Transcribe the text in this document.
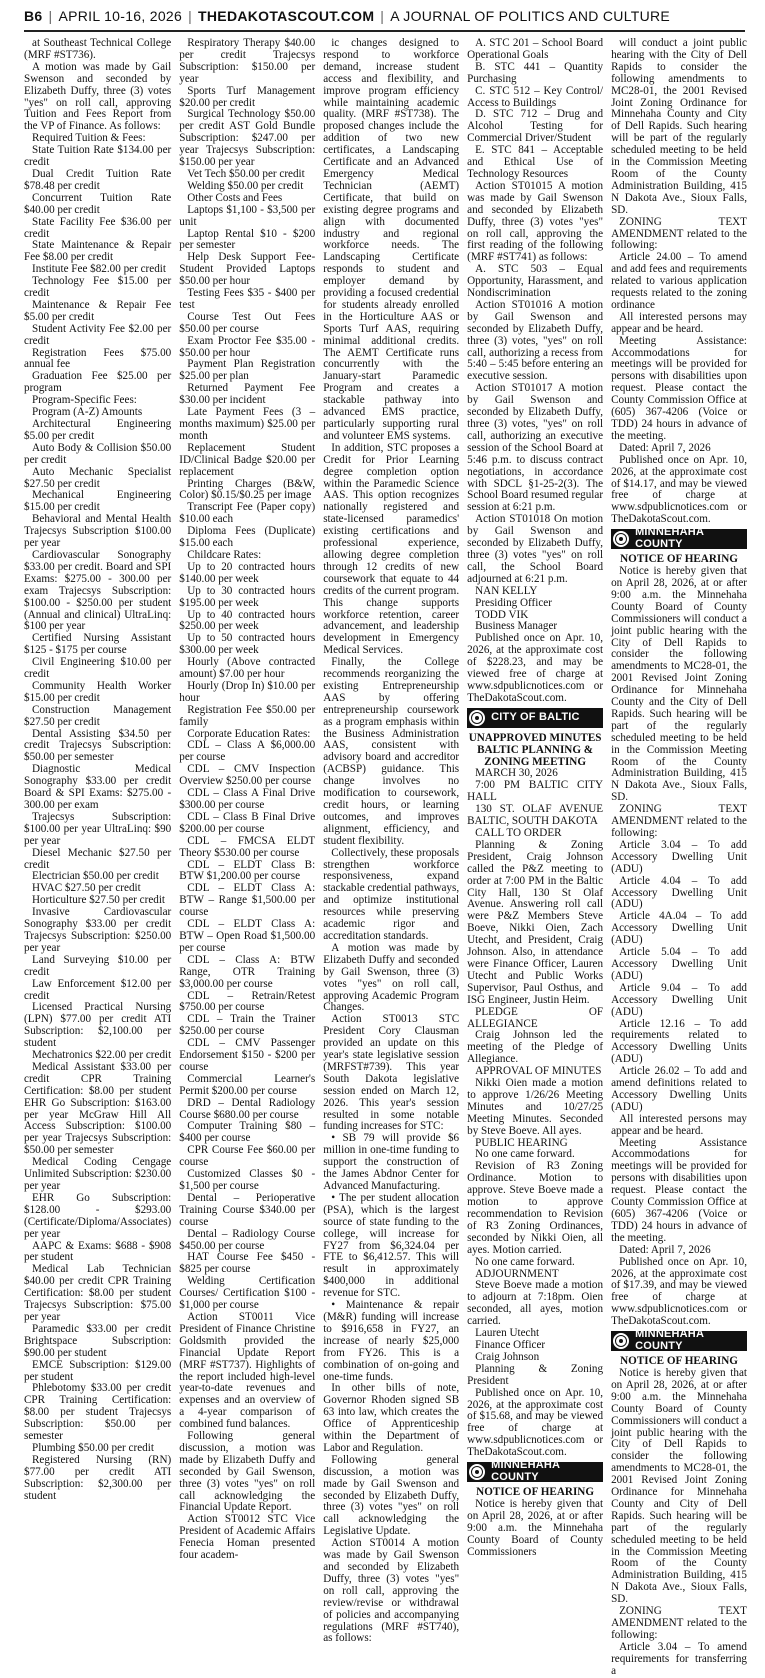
B6 | APRIL 10-16, 2026 | THEDAKOTASCOUT.COM | A JOURNAL OF POLITICS AND CULTURE

at Southeast Technical College (MRF #ST736).

A motion was made by Gail Swenson and seconded by Elizabeth Duffy, three (3) votes "yes" on roll call, approving Tuition and Fees Report from the VP of Finance. As follows:

Required Tuition & Fees:

State Tuition Rate $134.00 per credit

Dual Credit Tuition Rate $78.48 per credit

Concurrent Tuition Rate $40.00 per credit

State Facility Fee $36.00 per credit

State Maintenance & Repair Fee $8.00 per credit

Institute Fee $82.00 per credit

Technology Fee $15.00 per credit

Maintenance & Repair Fee $5.00 per credit

Student Activity Fee $2.00 per credit

Registration Fees $75.00 annual fee

Graduation Fee $25.00 per program

Program-Specific Fees:

Program (A-Z) Amounts

Architectural Engineering $5.00 per credit

Auto Body & Collision $50.00 per credit

Auto Mechanic Specialist $27.50 per credit

Mechanical Engineering $15.00 per credit

Behavioral and Mental Health Trajecsys Subscription $100.00 per year

Cardiovascular Sonography $33.00 per credit. Board and SPI Exams: $275.00 - 300.00 per exam Trajecsys Subscription: $100.00 - $250.00 per student (Annual and clinical) UltraLinq: $100 per year

Certified Nursing Assistant $125 - $175 per course

Civil Engineering $10.00 per credit

Community Health Worker $15.00 per credit

Construction Management $27.50 per credit

Dental Assisting $34.50 per credit Trajecsys Subscription: $50.00 per semester

Diagnostic Medical Sonography $33.00 per credit Board & SPI Exams: $275.00 - 300.00 per exam

Trajecsys Subscription: $100.00 per year UltraLinq: $90 per year

Diesel Mechanic $27.50 per credit

Electrician $50.00 per credit

HVAC $27.50 per credit

Horticulture $27.50 per credit

Invasive Cardiovascular Sonography $33.00 per credit Trajecsys Subscription: $250.00 per year

Land Surveying $10.00 per credit

Law Enforcement $12.00 per credit

Licensed Practical Nursing (LPN) $77.00 per credit ATI Subscription: $2,100.00 per student

Mechatronics $22.00 per credit

Medical Assistant $33.00 per credit CPR Training Certification: $8.00 per student EHR Go Subscription: $163.00 per year McGraw Hill All Access Subscription: $100.00 per year Trajecsys Subscription: $50.00 per semester

Medical Coding Cengage Unlimited Subscription: $230.00 per year

EHR Go Subscription: $128.00 - $293.00 (Certificate/Diploma/Associates) per year

AAPC & Exams: $688 - $908 per student

Medical Lab Technician $40.00 per credit CPR Training Certification: $8.00 per student Trajecsys Subscription: $75.00 per year

Paramedic $33.00 per credit Brightspace Subscription: $90.00 per student

EMCE Subscription: $129.00 per student

Phlebotomy $33.00 per credit CPR Training Certification: $8.00 per student Trajecsys Subscription: $50.00 per semester

Plumbing $50.00 per credit

Registered Nursing (RN) $77.00 per credit ATI Subscription: $2,300.00 per student

Respiratory Therapy $40.00 per credit Trajecsys Subscription: $150.00 per year

Sports Turf Management $20.00 per credit

Surgical Technology $50.00 per credit AST Gold Bundle Subscription: $247.00 per year Trajecsys Subscription: $150.00 per year

Vet Tech $50.00 per credit

Welding $50.00 per credit

Other Costs and Fees

Laptops $1,100 - $3,500 per unit

Laptop Rental $10 - $200 per semester

Help Desk Support Fee-Student Provided Laptops $50.00 per hour

Testing Fees $35 - $400 per test

Course Test Out Fees $50.00 per course

Exam Proctor Fee $35.00 - $50.00 per hour

Payment Plan Registration $25.00 per plan

Returned Payment Fee $30.00 per incident

Late Payment Fees (3 – months maximum) $25.00 per month

Replacement Student ID/Clinical Badge $20.00 per replacement

Printing Charges (B&W, Color) $0.15/$0.25 per image

Transcript Fee (Paper copy) $10.00 each

Diploma Fees (Duplicate) $15.00 each

Childcare Rates:

Up to 20 contracted hours $140.00 per week

Up to 30 contracted hours $195.00 per week

Up to 40 contracted hours $250.00 per week

Up to 50 contracted hours $300.00 per week

Hourly (Above contracted amount) $7.00 per hour

Hourly (Drop In) $10.00 per hour

Registration Fee $50.00 per family

Corporate Education Rates:

CDL – Class A $6,000.00 per course

CDL – CMV Inspection Overview $250.00 per course

CDL – Class A Final Drive $300.00 per course

CDL – Class B Final Drive $200.00 per course

CDL – FMCSA ELDT Theory $530.00 per course

CDL – ELDT Class B: BTW $1,200.00 per course

CDL – ELDT Class A: BTW – Range $1,500.00 per course

CDL – ELDT Class A: BTW – Open Road $1,500.00 per course

CDL – Class A: BTW Range, OTR Training $3,000.00 per course

CDL – Retrain/Retest $750.00 per course

CDL – Train the Trainer $250.00 per course

CDL – CMV Passenger Endorsement $150 - $200 per course

Commercial Learner's Permit $200.00 per course

DRD – Dental Radiology Course $680.00 per course

Computer Training $80 – $400 per course

CPR Course Fee $60.00 per course

Customized Classes $0 - $1,500 per course

Dental – Perioperative Training Course $340.00 per course

Dental – Radiology Course $450.00 per course

HAT Course Fee $450 - $825 per course

Welding Certification Courses/ Certification $100 - $1,000 per course

Action ST0011 Vice President of Finance Christine Goldsmith provided the Financial Update Report (MRF #ST737). Highlights of the report included high-level year-to-date revenues and expenses and an overview of a 4-year comparison of combined fund balances.

Following general discussion, a motion was made by Elizabeth Duffy and seconded by Gail Swenson, three (3) votes "yes" on roll call acknowledging the Financial Update Report.

Action ST0012 STC Vice President of Academic Affairs Fenecia Homan presented four academ-

ic changes designed to respond to workforce demand, increase student access and flexibility, and improve program efficiency while maintaining academic quality. (MRF #ST738). The proposed changes include the addition of two new certificates, a Landscaping Certificate and an Advanced Emergency Medical Technician (AEMT) Certificate, that build on existing degree programs and align with documented industry and regional workforce needs. The Landscaping Certificate responds to student and employer demand by providing a focused credential for students already enrolled in the Horticulture AAS or Sports Turf AAS, requiring minimal additional credits. The AEMT Certificate runs concurrently with the January-start Paramedic Program and creates a stackable pathway into advanced EMS practice, particularly supporting rural and volunteer EMS systems.

In addition, STC proposes a Credit for Prior Learning degree completion option within the Paramedic Science AAS. This option recognizes nationally registered and state-licensed paramedics' existing certifications and professional experience, allowing degree completion through 12 credits of new coursework that equate to 44 credits of the current program. This change supports workforce retention, career advancement, and leadership development in Emergency Medical Services.

Finally, the College recommends reorganizing the existing Entrepreneurship AAS by offering entrepreneurship coursework as a program emphasis within the Business Administration AAS, consistent with advisory board and accreditor (ACBSP) guidance. This change involves no modification to coursework, credit hours, or learning outcomes, and improves alignment, efficiency, and student flexibility.

Collectively, these proposals strengthen workforce responsiveness, expand stackable credential pathways, and optimize institutional resources while preserving academic rigor and accreditation standards.

A motion was made by Elizabeth Duffy and seconded by Gail Swenson, three (3) votes "yes" on roll call, approving Academic Program Changes.

Action ST0013 STC President Cory Clausman provided an update on this year's state legislative session (MRFST#739). This year South Dakota legislative session ended on March 12, 2026. This year's session resulted in some notable funding increases for STC:

• SB 79 will provide $6 million in one-time funding to support the construction of the James Abdnor Center for Advanced Manufacturing.

• The per student allocation (PSA), which is the largest source of state funding to the college, will increase for FY27 from $6,324.04 per FTE to $6,412.57. This will result in approximately $400,000 in additional revenue for STC.

• Maintenance & repair (M&R) funding will increase to $916,658 in FY27, an increase of nearly $25,000 from FY26. This is a combination of on-going and one-time funds.

In other bills of note, Governor Rhoden signed SB 63 into law, which creates the Office of Apprenticeship within the Department of Labor and Regulation.

Following general discussion, a motion was made by Gail Swenson and seconded by Elizabeth Duffy, three (3) votes "yes" on roll call acknowledging the Legislative Update.

Action ST0014 A motion was made by Gail Swenson and seconded by Elizabeth Duffy, three (3) votes "yes" on roll call, approving the review/revise or withdrawal of policies and accompanying regulations (MRF #ST740), as follows:

A. STC 201 – School Board Operational Goals

B. STC 441 – Quantity Purchasing

C. STC 512 – Key Control/ Access to Buildings

D. STC 712 – Drug and Alcohol Testing for Commercial Driver/Student

E. STC 841 – Acceptable and Ethical Use of Technology Resources

Action ST01015 A motion was made by Gail Swenson and seconded by Elizabeth Duffy, three (3) votes "yes" on roll call, approving the first reading of the following (MRF #ST741) as follows:

A. STC 503 – Equal Opportunity, Harassment, and Nondiscrimination

Action ST01016 A motion by Gail Swenson and seconded by Elizabeth Duffy, three (3) votes, "yes" on roll call, authorizing a recess from 5:40 – 5:45 before entering an executive session.

Action ST01017 A motion by Gail Swenson and seconded by Elizabeth Duffy, three (3) votes, "yes" on roll call, authorizing an executive session of the School Board at 5:46 p.m. to discuss contract negotiations, in accordance with SDCL §1-25-2(3). The School Board resumed regular session at 6:21 p.m.

Action ST01018 On motion by Gail Swenson and seconded by Elizabeth Duffy, three (3) votes "yes" on roll call, the School Board adjourned at 6:21 p.m.

NAN KELLY

Presiding Officer

TODD VIK

Business Manager

Published once on Apr. 10, 2026, at the approximate cost of $228.23, and may be viewed free of charge at www.sdpublicnotices.com or TheDakotaScout.com.

CITY OF BALTIC

UNAPPROVED MINUTES BALTIC PLANNING & ZONING MEETING

MARCH 30, 2026

7:00 PM BALTIC CITY HALL

130 ST. OLAF AVENUE BALTIC, SOUTH DAKOTA

CALL TO ORDER

Planning & Zoning President, Craig Johnson called the P&Z meeting to order at 7:00 PM in the Baltic City Hall, 130 St Olaf Avenue. Answering roll call were P&Z Members Steve Boeve, Nikki Oien, Zach Utecht, and President, Craig Johnson. Also, in attendance were Finance Officer, Lauren Utecht and Public Works Supervisor, Paul Osthus, and ISG Engineer, Justin Heim.

PLEDGE OF ALLEGIANCE

Craig Johnson led the meeting of the Pledge of Allegiance.

APPROVAL OF MINUTES

Nikki Oien made a motion to approve 1/26/26 Meeting Minutes and 10/27/25 Meeting Minutes. Seconded by Steve Boeve. All ayes.

PUBLIC HEARING

No one came forward.

Revision of R3 Zoning Ordinance. Motion to approve. Steve Boeve made a motion to approve recommendation to Revision of R3 Zoning Ordinances, seconded by Nikki Oien, all ayes. Motion carried.

No one came forward.

ADJOURNMENT

Steve Boeve made a motion to adjourn at 7:18pm. Oien seconded, all ayes, motion carried.

Lauren Utecht

Finance Officer

Craig Johnson

Planning & Zoning President

Published once on Apr. 10, 2026, at the approximate cost of $15.68, and may be viewed free of charge at www.sdpublicnotices.com or TheDakotaScout.com.

MINNEHAHA COUNTY

NOTICE OF HEARING

Notice is hereby given that on April 28, 2026, at or after 9:00 a.m. the Minnehaha County Board of County Commissioners

will conduct a joint public hearing with the City of Dell Rapids to consider the following amendments to MC28-01, the 2001 Revised Joint Zoning Ordinance for Minnehaha County and City of Dell Rapids. Such hearing will be part of the regularly scheduled meeting to be held in the Commission Meeting Room of the County Administration Building, 415 N Dakota Ave., Sioux Falls, SD.

ZONING TEXT AMENDMENT related to the following:

Article 24.00 – To amend and add fees and requirements related to various application requests related to the zoning ordinance

All interested persons may appear and be heard.

Meeting Assistance: Accommodations for meetings will be provided for persons with disabilities upon request. Please contact the County Commission Office at (605) 367-4206 (Voice or TDD) 24 hours in advance of the meeting.

Dated: April 7, 2026

Published once on Apr. 10, 2026, at the approximate cost of $14.17, and may be viewed free of charge at www.sdpublicnotices.com or TheDakotaScout.com.

MINNEHAHA COUNTY

NOTICE OF HEARING

Notice is hereby given that on April 28, 2026, at or after 9:00 a.m. the Minnehaha County Board of County Commissioners will conduct a joint public hearing with the City of Dell Rapids to consider the following amendments to MC28-01, the 2001 Revised Joint Zoning Ordinance for Minnehaha County and the City of Dell Rapids. Such hearing will be part of the regularly scheduled meeting to be held in the Commission Meeting Room of the County Administration Building, 415 N Dakota Ave., Sioux Falls, SD.

ZONING TEXT AMENDMENT related to the following:

Article 3.04 – To add Accessory Dwelling Unit (ADU)

Article 4.04 – To add Accessory Dwelling Unit (ADU)

Article 4A.04 – To add Accessory Dwelling Unit (ADU)

Article 5.04 – To add Accessory Dwelling Unit (ADU)

Article 9.04 – To add Accessory Dwelling Unit (ADU)

Article 12.16 – To add requirements related to Accessory Dwelling Units (ADU)

Article 26.02 – To add and amend definitions related to Accessory Dwelling Units (ADU)

All interested persons may appear and be heard.

Meeting Assistance Accommodations for meetings will be provided for persons with disabilities upon request. Please contact the County Commission Office at (605) 367-4206 (Voice or TDD) 24 hours in advance of the meeting.

Dated: April 7, 2026

Published once on Apr. 10, 2026, at the approximate cost of $17.39, and may be viewed free of charge at www.sdpublicnotices.com or TheDakotaScout.com.

MINNEHAHA COUNTY

NOTICE OF HEARING

Notice is hereby given that on April 28, 2026, at or after 9:00 a.m. the Minnehaha County Board of County Commissioners will conduct a joint public hearing with the City of Dell Rapids to consider the following amendments to MC28-01, the 2001 Revised Joint Zoning Ordinance for Minnehaha County and City of Dell Rapids. Such hearing will be part of the regularly scheduled meeting to be held in the Commission Meeting Room of the County Administration Building, 415 N Dakota Ave., Sioux Falls, SD.

ZONING TEXT AMENDMENT related to the following:

Article 3.04 – To amend requirements for transferring a
